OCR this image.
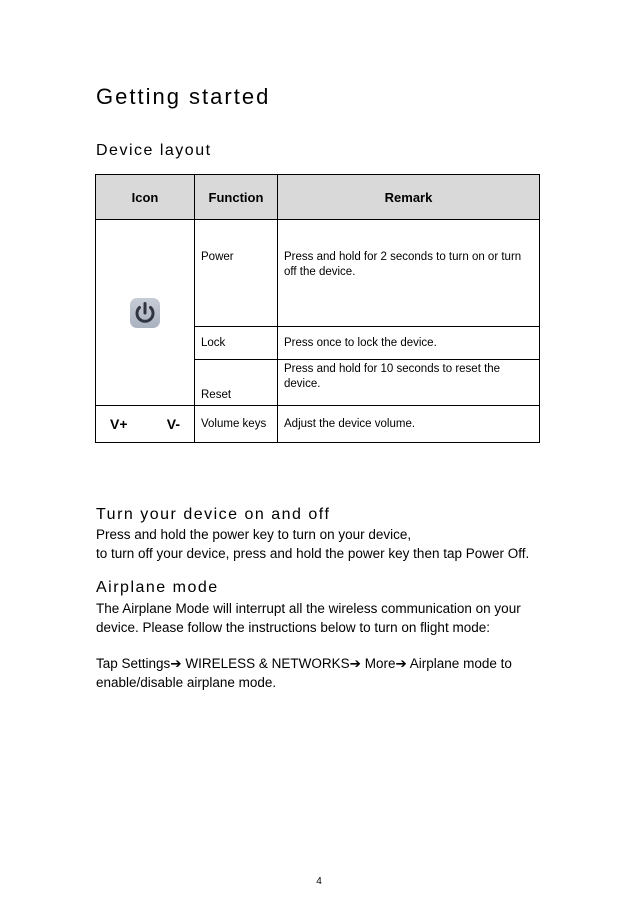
Getting started
Device layout
Icon	Function	Remark

	Power	Press and hold for 2 seconds to turn on or turn off the device.
	Lock	Press once to lock the device.
	Reset	Press and hold for 10 seconds to reset the device.
V+ V-	Volume keys	Adjust the device volume.
Turn your device on and off

Press and hold the power key to turn on your device,
to turn off your device, press and hold the power key then tap Power Off.

Airplane mode

The Airplane Mode will interrupt all the wireless communication on your
device. Please follow the instructions below to turn on flight mode:

Tap Settings➔ WIRELESS & NETWORKS➔ More➔ Airplane mode to
enable/disable airplane mode.

4
